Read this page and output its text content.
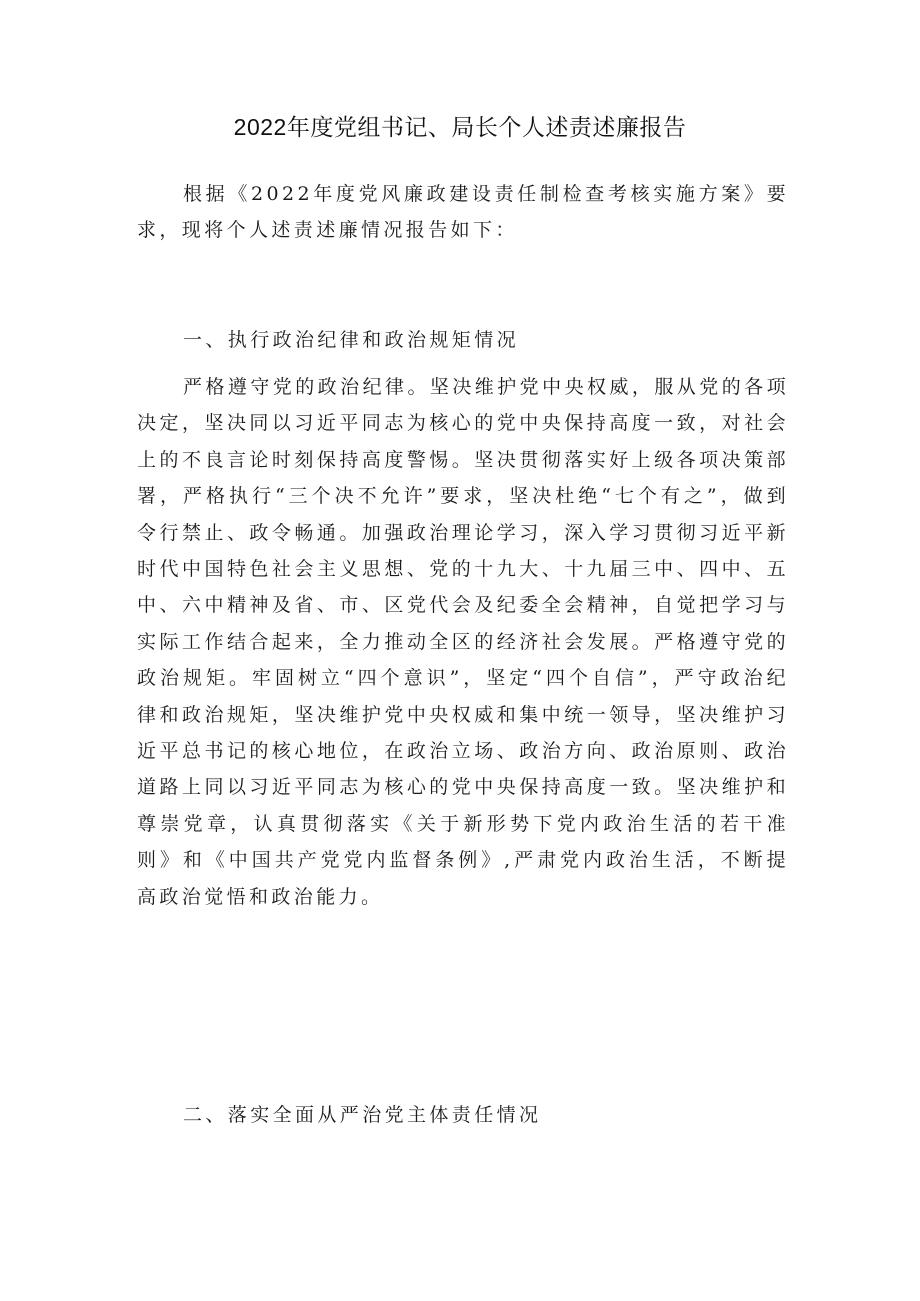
2022年度党组书记、局长个人述责述廉报告

根据《2022年度党风廉政建设责任制检查考核实施方案》要求，现将个人述责述廉情况报告如下：

一、执行政治纪律和政治规矩情况

严格遵守党的政治纪律。坚决维护党中央权威，服从党的各项决定，坚决同以习近平同志为核心的党中央保持高度一致，对社会上的不良言论时刻保持高度警惕。坚决贯彻落实好上级各项决策部署，严格执行“三个决不允许”要求，坚决杜绝“七个有之”，做到令行禁止、政令畅通。加强政治理论学习，深入学习贯彻习近平新时代中国特色社会主义思想、党的十九大、十九届三中、四中、五中、六中精神及省、市、区党代会及纪委全会精神，自觉把学习与实际工作结合起来，全力推动全区的经济社会发展。严格遵守党的政治规矩。牢固树立“四个意识”，坚定“四个自信”，严守政治纪律和政治规矩，坚决维护党中央权威和集中统一领导，坚决维护习近平总书记的核心地位，在政治立场、政治方向、政治原则、政治道路上同以习近平同志为核心的党中央保持高度一致。坚决维护和尊崇党章，认真贯彻落实《关于新形势下党内政治生活的若干准则》和《中国共产党党内监督条例》,严肃党内政治生活，不断提高政治觉悟和政治能力。

二、落实全面从严治党主体责任情况
